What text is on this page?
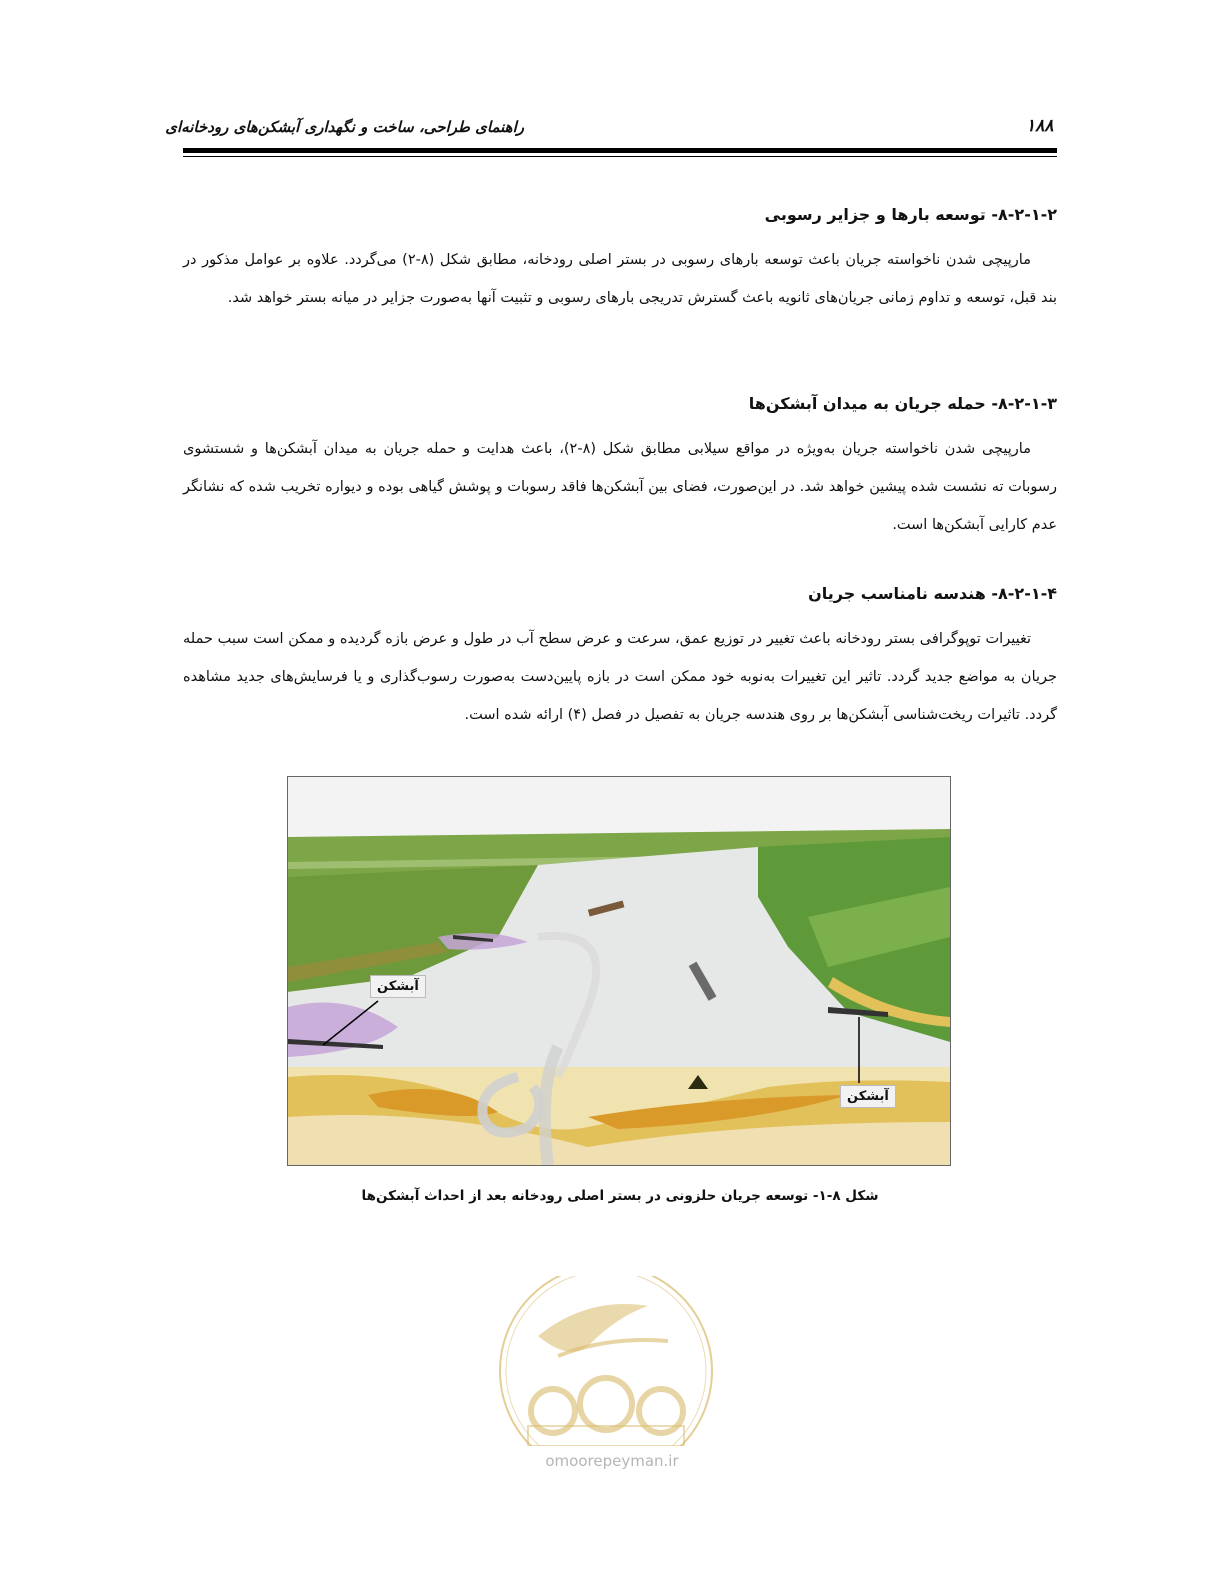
راهنمای طراحی، ساخت و نگهداری آبشکن‌های رودخانه‌ای	۱۸۸
۸-۲-۱-۲- توسعه بارها و جزایر رسوبی

مارپیچی شدن ناخواسته جریان باعث توسعه بارهای رسوبی در بستر اصلی رودخانه، مطابق شکل (۸-۲) می‌گردد. علاوه بر عوامل مذکور در بند قبل، توسعه و تداوم زمانی جریان‌های ثانویه باعث گسترش تدریجی بارهای رسوبی و تثبیت آنها به‌صورت جزایر در میانه بستر خواهد شد.

۸-۲-۱-۳- حمله جریان به میدان آبشکن‌ها

مارپیچی شدن ناخواسته جریان به‌ویژه در مواقع سیلابی مطابق شکل (۸-۲)، باعث هدایت و حمله جریان به میدان آبشکن‌ها و شستشوی رسوبات ته نشست شده پیشین خواهد شد. در این‌صورت، فضای بین آبشکن‌ها فاقد رسوبات و پوشش گیاهی بوده و دیواره تخریب شده که نشانگر عدم کارایی آبشکن‌ها است.

۸-۲-۱-۴- هندسه نامناسب جریان

تغییرات توپوگرافی بستر رودخانه باعث تغییر در توزیع عمق، سرعت و عرض سطح آب در طول و عرض بازه گردیده و ممکن است سبب حمله جریان به مواضع جدید گردد. تاثیر این تغییرات به‌نوبه خود ممکن است در بازه پایین‌دست به‌صورت رسوب‌گذاری و یا فرسایش‌های جدید مشاهده گردد. تاثیرات ریخت‌شناسی آبشکن‌ها بر روی هندسه جریان به تفصیل در فصل (۴) ارائه شده است.

آبشکن
آبشکن
شکل ۸-۱- توسعه جریان حلزونی در بستر اصلی رودخانه بعد از احداث آبشکن‌ها
omoorepeyman.ir
